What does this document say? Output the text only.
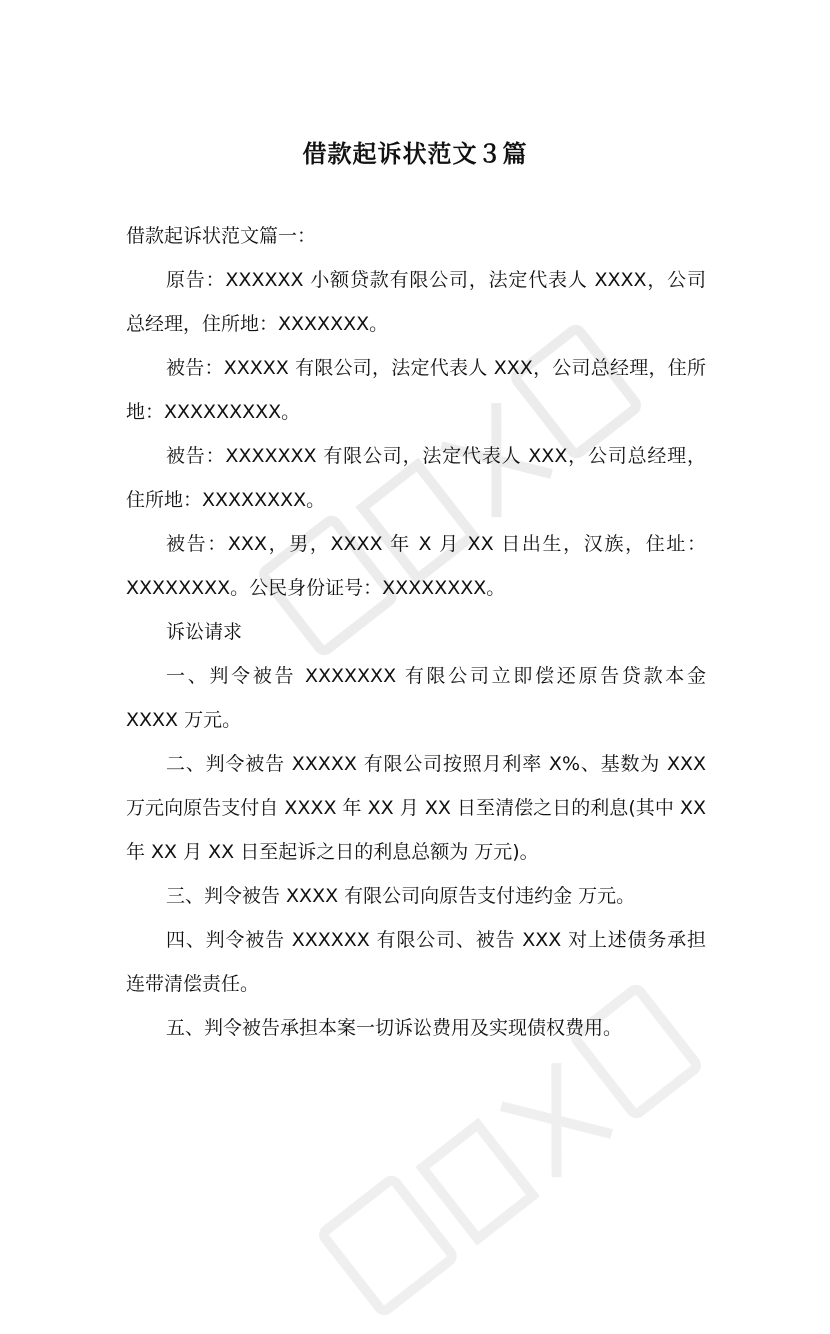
借款起诉状范文３篇

借款起诉状范文篇一：

原告：XXXXXX 小额贷款有限公司，法定代表人 XXXX，公司总经理，住所地：XXXXXXX。

被告：XXXXX 有限公司，法定代表人 XXX，公司总经理，住所地：XXXXXXXXX。

被告：XXXXXXX 有限公司，法定代表人 XXX，公司总经理，住所地：XXXXXXXX。

被告：XXX，男，XXXX 年 X 月 XX 日出生，汉族，住址：XXXXXXXX。公民身份证号：XXXXXXXX。

诉讼请求

一、判令被告 XXXXXXX 有限公司立即偿还原告贷款本金 XXXX 万元。

二、判令被告 XXXXX 有限公司按照月利率 X%、基数为 XXX 万元向原告支付自 XXXX 年 XX 月 XX 日至清偿之日的利息(其中 XX 年 XX 月 XX 日至起诉之日的利息总额为 万元)。

三、判令被告 XXXX 有限公司向原告支付违约金 万元。

四、判令被告 XXXXXX 有限公司、被告 XXX 对上述债务承担连带清偿责任。

五、判令被告承担本案一切诉讼费用及实现债权费用。
